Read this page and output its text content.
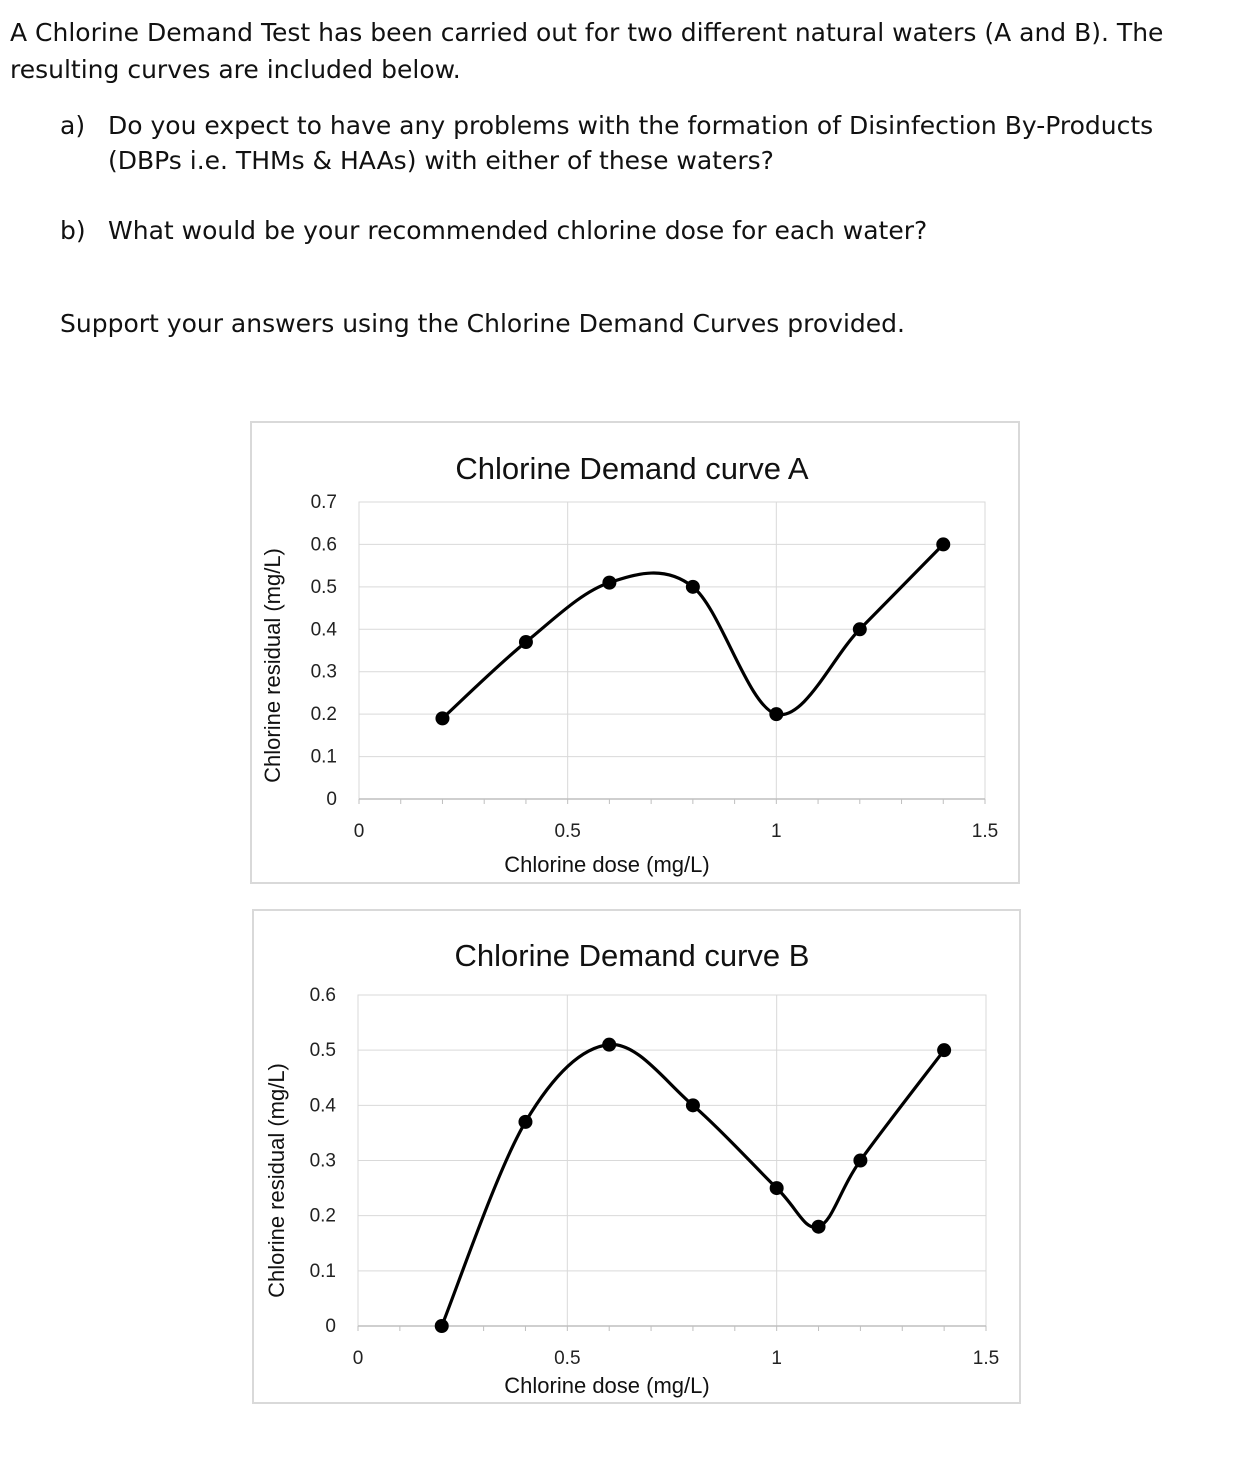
A Chlorine Demand Test has been carried out for two different natural waters (A and B). The resulting curves are included below.

a) Do you expect to have any problems with the formation of Disinfection By-Products (DBPs i.e. THMs & HAAs) with either of these waters?
b) What would be your recommended chlorine dose for each water?

Support your answers using the Chlorine Demand Curves provided.

0
0.1
0.2
0.3
0.4
0.5
0.6
0.7
0	0.5	1	1.5
Chlorine Demand curve A
Chlorine dose (mg/L)
Chlorine residual (mg/L)
0
0.1
0.2
0.3
0.4
0.5
0.6
0	0.5	1	1.5
Chlorine Demand curve B
Chlorine dose (mg/L)
Chlorine residual (mg/L)
